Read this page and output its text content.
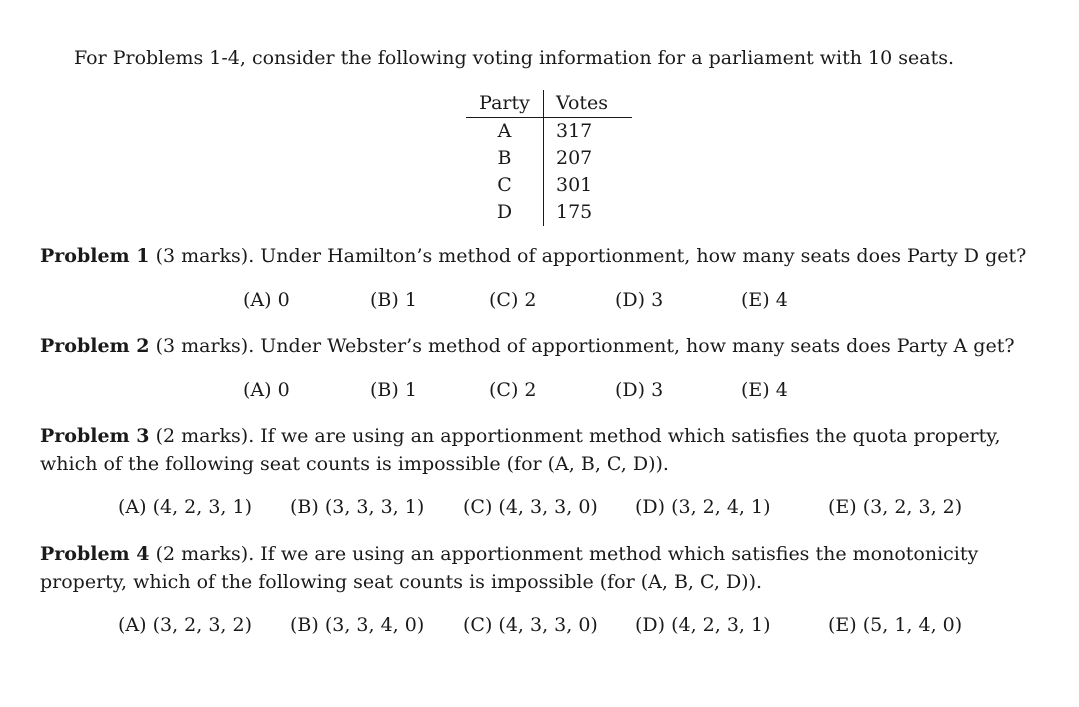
For Problems 1-4, consider the following voting information for a parliament with 10 seats.
Party	Votes
A	317
B	207
C	301
D	175
Problem 1 (3 marks). Under Hamilton’s method of apportionment, how many seats does Party D get?
(A) 0	(B) 1	(C) 2	(D) 3	(E) 4
Problem 2 (3 marks). Under Webster’s method of apportionment, how many seats does Party A get?
(A) 0	(B) 1	(C) 2	(D) 3	(E) 4
Problem 3 (2 marks). If we are using an apportionment method which satisfies the quota property, which of the following seat counts is impossible (for (A, B, C, D)).
(A) (4, 2, 3, 1) (B) (3, 3, 3, 1) (C) (4, 3, 3, 0) (D) (3, 2, 4, 1)	(E) (3, 2, 3, 2)
Problem 4 (2 marks). If we are using an apportionment method which satisfies the monotonicity property, which of the following seat counts is impossible (for (A, B, C, D)).
(A) (3, 2, 3, 2) (B) (3, 3, 4, 0) (C) (4, 3, 3, 0) (D) (4, 2, 3, 1)	(E) (5, 1, 4, 0)
